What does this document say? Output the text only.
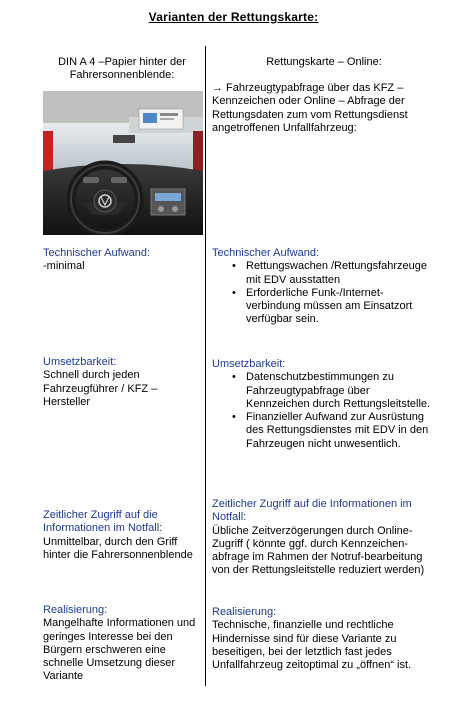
Varianten der Rettungskarte:
DIN A 4 –Papier hinter der Fahrersonnenblende:
Technischer Aufwand:
-minimal
Umsetzbarkeit:
Schnell durch jeden Fahrzeugführer / KFZ – Hersteller
Zeitlicher Zugriff auf die Informationen im Notfall:
Unmittelbar, durch den Griff hinter die Fahrersonnenblende
Realisierung:
Mangelhafte Informationen und geringes Interesse bei den Bürgern erschweren eine schnelle Umsetzung dieser Variante
Rettungskarte – Online:
→ Fahrzeugtypabfrage über das KFZ – Kennzeichen oder Online – Abfrage der Rettungsdaten zum vom Rettungsdienst angetroffenen Unfallfahrzeug:
Technischer Aufwand:
• Rettungswachen /Rettungsfahrzeuge mit EDV ausstatten
• Erforderliche Funk-/Internet-verbindung müssen am Einsatzort verfügbar sein.
Umsetzbarkeit:
• Datenschutzbestimmungen zu Fahrzeugtypabfrage über Kennzeichen durch Rettungsleitstelle.
• Finanzieller Aufwand zur Ausrüstung des Rettungsdienstes mit EDV in den Fahrzeugen nicht unwesentlich.
Zeitlicher Zugriff auf die Informationen im Notfall:
Übliche Zeitverzögerungen durch Online-Zugriff ( könnte ggf. durch Kennzeichen-abfrage im Rahmen der Notruf-bearbeitung von der Rettungsleitstelle reduziert werden)
Realisierung:
Technische, finanzielle und rechtliche Hindernisse sind für diese Variante zu beseitigen, bei der letztlich fast jedes Unfallfahrzeug zeitoptimal zu „öffnen“ ist.
